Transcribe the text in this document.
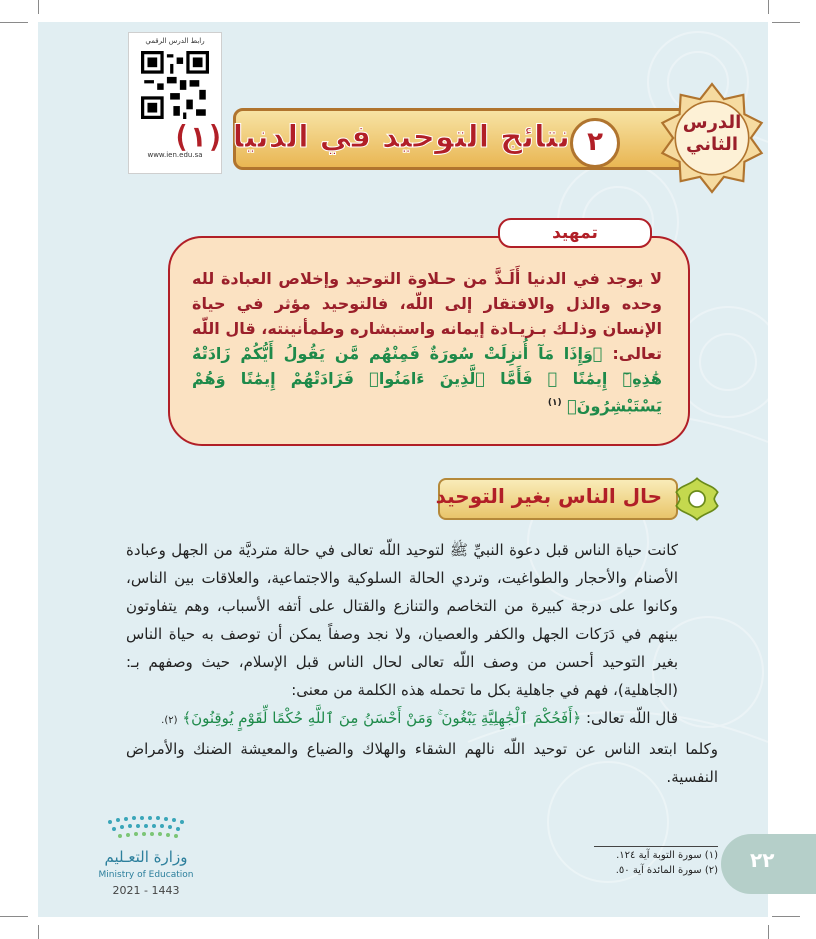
رابط الدرس الرقمي
www.ien.edu.sa
نتائج التوحيد في الدنيا (١) ٢
الدرس
الثاني
لا يوجد في الدنيا أَلَـذَّ من حـلاوة التوحيد وإخلاص العبادة لله وحده والذل والافتقار إلى اللّه، فالتوحيد مؤثر في حياة الإنسان وذلـك بـزيـادة إيمانه واستبشاره وطمأنينته، قال اللّه تعالى: ﴿وَإِذَا مَآ أُنزِلَتْ سُورَةٌ فَمِنْهُم مَّن يَقُولُ أَيُّكُمْ زَادَتْهُ هَٰذِهِۦٓ إِيمَٰنًا ۚ فَأَمَّا ٱلَّذِينَ ءَامَنُوا۟ فَزَادَتْهُمْ إِيمَٰنًا وَهُمْ يَسْتَبْشِرُونَ﴾ $^{(١)}$
تمهيد
حال الناس بغير التوحيد

كانت حياة الناس قبل دعوة النبيِّ ﷺ لتوحيد اللّه تعالى في حالة مترديَّة من الجهل وعبادة الأصنام والأحجار والطواغيت، وتردي الحالة السلوكية والاجتماعية، والعلاقات بين الناس، وكانوا على درجة كبيرة من التخاصم والتنازع والقتال على أتفه الأسباب، وهم يتفاوتون بينهم في دَرَكات الجهل والكفر والعصيان، ولا نجد وصفاً يمكن أن توصف به حياة الناس بغير التوحيد أحسن من وصف اللّه تعالى لحال الناس قبل الإسلام، حيث وصفهم بـ: (الجاهلية)، فهم في جاهلية بكل ما تحمله هذه الكلمة من معنى:

قال اللّه تعالى: ﴿أَفَحُكْمَ ٱلْجَٰهِلِيَّةِ يَبْغُونَ ۚ وَمَنْ أَحْسَنُ مِنَ ٱللَّهِ حُكْمًا لِّقَوْمٍ يُوقِنُونَ﴾ (٢).

وكلما ابتعد الناس عن توحيد اللّه نالهم الشقاء والهلاك والضياع والمعيشة الضنك والأمراض النفسية.

وزارة التعـليم
Ministry of Education
2021 - 1443
(١) سورة التوبة آية ١٢٤.
(٢) سورة المائدة آية ٥٠. ٢٢
